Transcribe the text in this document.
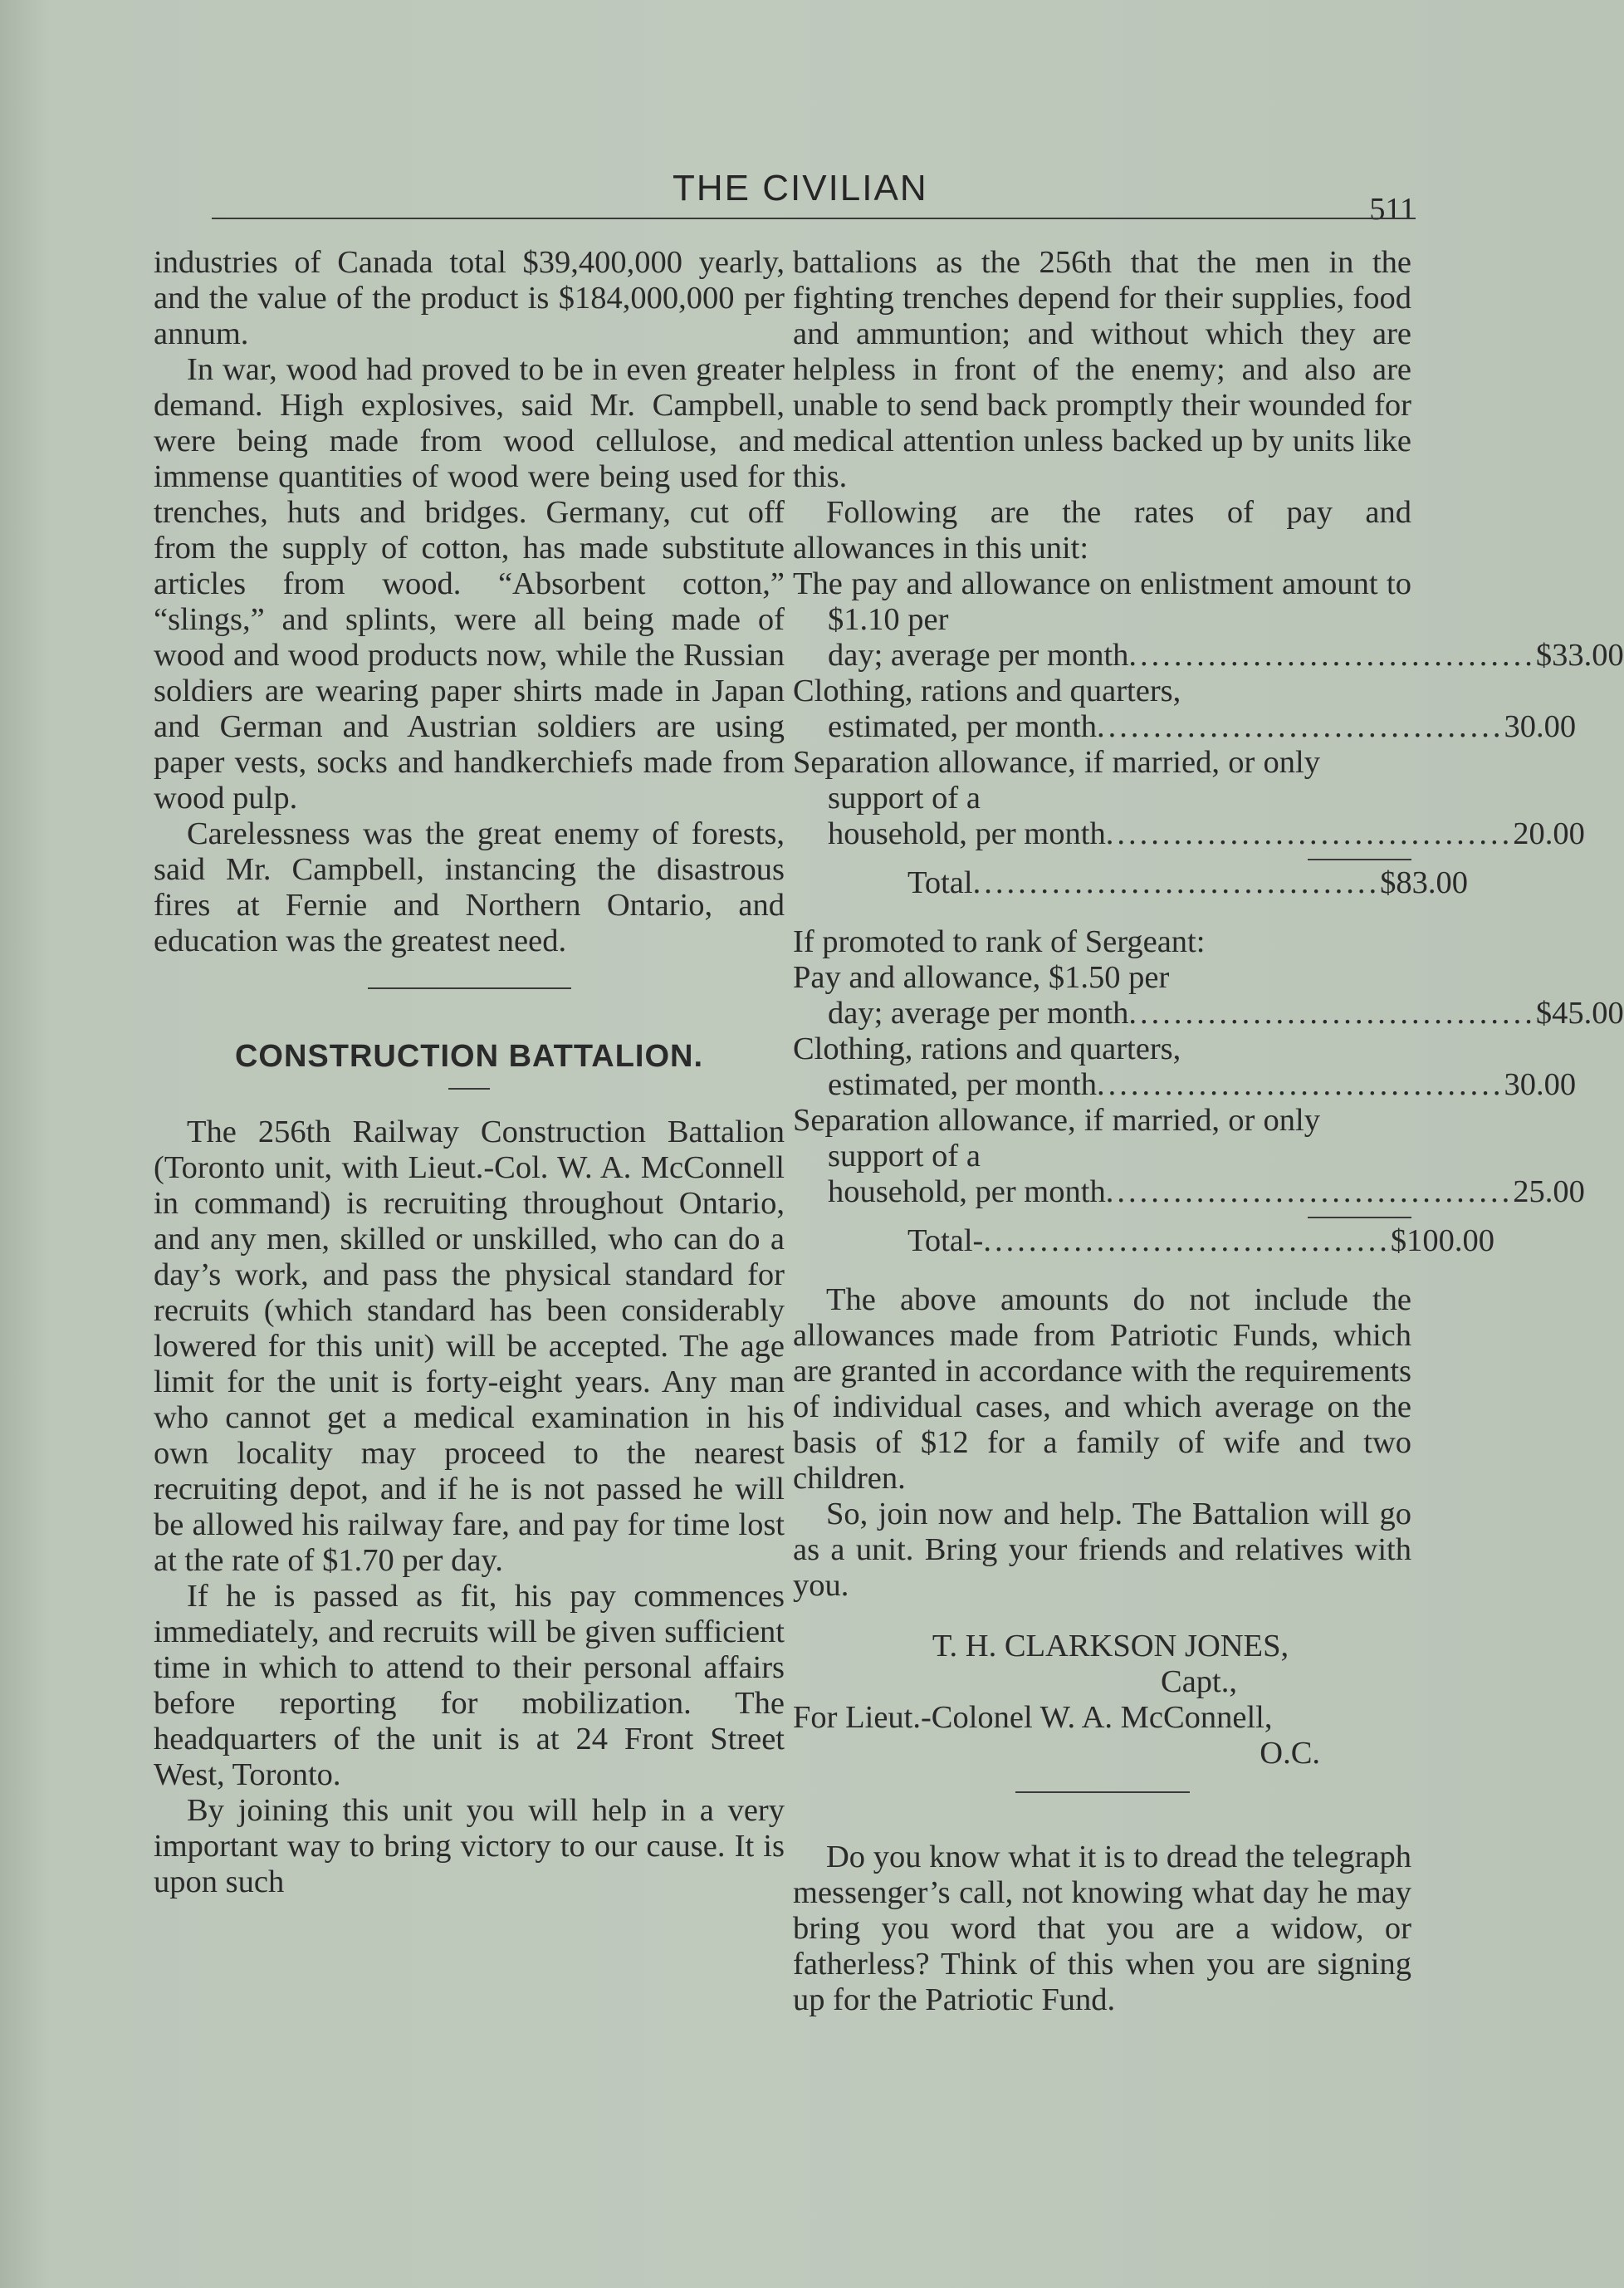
THE CIVILIAN
511

industries of Canada total $39,400,000 yearly, and the value of the product is $184,000,000 per annum.

In war, wood had proved to be in even greater demand. High explosives, said Mr. Campbell, were being made from wood cellulose, and immense quantities of wood were being used for trenches, huts and bridges. Germany, cut off from the supply of cotton, has made substitute articles from wood. “Absorbent cotton,” “slings,” and splints, were all being made of wood and wood products now, while the Russian soldiers are wearing paper shirts made in Japan and German and Austrian soldiers are using paper vests, socks and handkerchiefs made from wood pulp.

Carelessness was the great enemy of forests, said Mr. Campbell, instancing the disastrous fires at Fernie and Northern Ontario, and education was the greatest need.

CONSTRUCTION BATTALION.

The 256th Railway Construction Battalion (Toronto unit, with Lieut.-Col. W. A. McConnell in command) is recruiting throughout Ontario, and any men, skilled or unskilled, who can do a day’s work, and pass the physical standard for recruits (which standard has been considerably lowered for this unit) will be accepted. The age limit for the unit is forty-eight years. Any man who cannot get a medical examination in his own locality may proceed to the nearest recruiting depot, and if he is not passed he will be allowed his railway fare, and pay for time lost at the rate of $1.70 per day.

If he is passed as fit, his pay commences immediately, and recruits will be given sufficient time in which to attend to their personal affairs before reporting for mobilization. The headquarters of the unit is at 24 Front Street West, Toronto.

By joining this unit you will help in a very important way to bring victory to our cause. It is upon such

battalions as the 256th that the men in the fighting trenches depend for their supplies, food and ammuntion; and without which they are helpless in front of the enemy; and also are unable to send back promptly their wounded for medical attention unless backed up by units like this.

Following are the rates of pay and allowances in this unit:

The pay and allowance on enlistment amount to $1.10 per

day; average per month .................................... $33.00

Clothing, rations and quarters,

estimated, per month .................................... 30.00

Separation allowance, if married, or only support of a

household, per month .................................... 20.00
Total .................................... $83.00

If promoted to rank of Sergeant:

Pay and allowance, $1.50 per

day; average per month .................................... $45.00

Clothing, rations and quarters,

estimated, per month .................................... 30.00

Separation allowance, if married, or only support of a

household, per month .................................... 25.00
Total- .................................... $100.00

The above amounts do not include the allowances made from Patriotic Funds, which are granted in accordance with the requirements of individual cases, and which average on the basis of $12 for a family of wife and two children.

So, join now and help. The Battalion will go as a unit. Bring your friends and relatives with you.

T. H. CLARKSON JONES,

Capt.,

For Lieut.-Colonel W. A. McConnell,

O.C.

Do you know what it is to dread the telegraph messenger’s call, not knowing what day he may bring you word that you are a widow, or fatherless? Think of this when you are signing up for the Patriotic Fund.
